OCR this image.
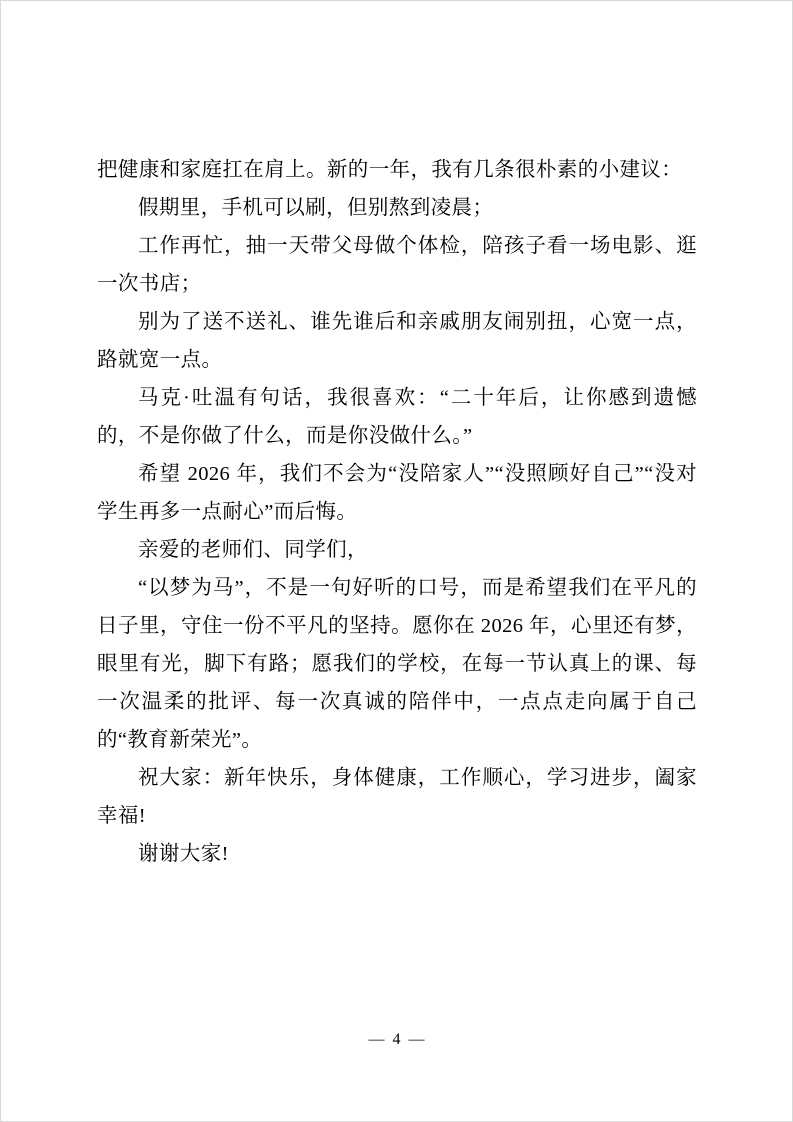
把健康和家庭扛在肩上。新的一年，我有几条很朴素的小建议：

假期里，手机可以刷，但别熬到凌晨；

工作再忙，抽一天带父母做个体检，陪孩子看一场电影、逛一次书店；

别为了送不送礼、谁先谁后和亲戚朋友闹别扭，心宽一点，路就宽一点。

马克·吐温有句话，我很喜欢：“二十年后，让你感到遗憾的，不是你做了什么，而是你没做什么。”

希望 2026 年，我们不会为“没陪家人”“没照顾好自己”“没对学生再多一点耐心”而后悔。

亲爱的老师们、同学们，

“以梦为马”，不是一句好听的口号，而是希望我们在平凡的日子里，守住一份不平凡的坚持。愿你在 2026 年，心里还有梦，眼里有光，脚下有路；愿我们的学校，在每一节认真上的课、每一次温柔的批评、每一次真诚的陪伴中，一点点走向属于自己的“教育新荣光”。

祝大家：新年快乐，身体健康，工作顺心，学习进步，阖家幸福!

谢谢大家!

— 4 —
